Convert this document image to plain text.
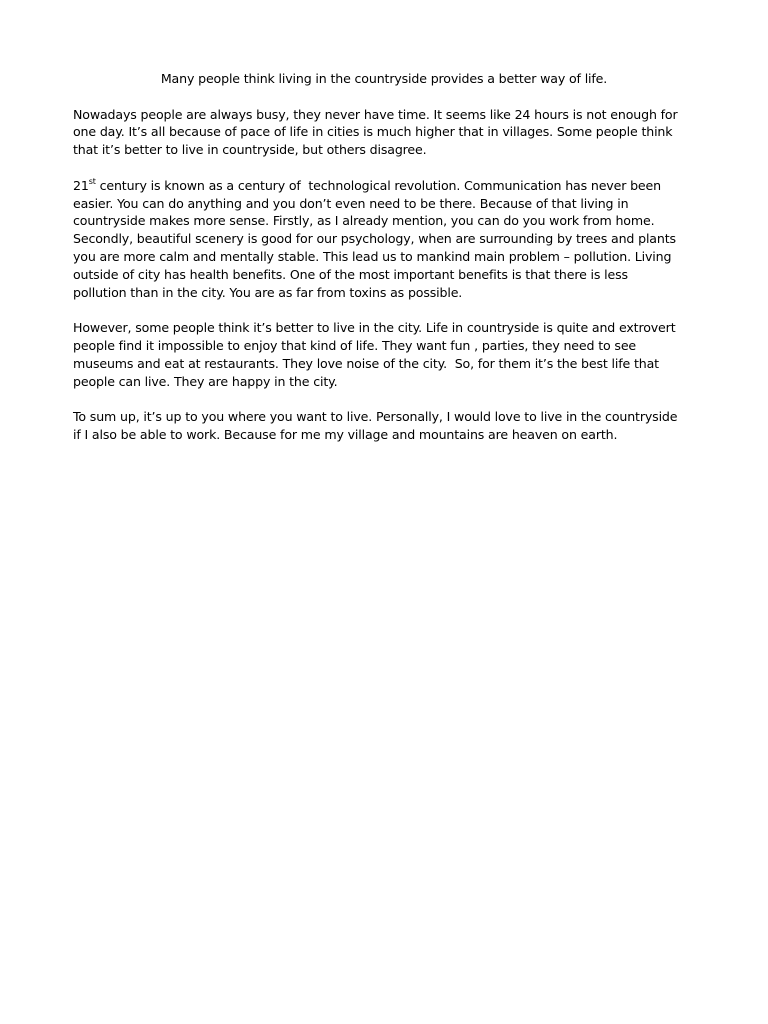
Many people think living in the countryside provides a better way of life.
Nowadays people are always busy, they never have time. It seems like 24 hours is not enough for
one day. It’s all because of pace of life in cities is much higher that in villages. Some people think
that it’s better to live in countryside, but others disagree.
21st century is known as a century of  technological revolution. Communication has never been
easier. You can do anything and you don’t even need to be there. Because of that living in
countryside makes more sense. Firstly, as I already mention, you can do you work from home.
Secondly, beautiful scenery is good for our psychology, when are surrounding by trees and plants
you are more calm and mentally stable. This lead us to mankind main problem – pollution. Living
outside of city has health benefits. One of the most important benefits is that there is less
pollution than in the city. You are as far from toxins as possible.
However, some people think it’s better to live in the city. Life in countryside is quite and extrovert
people find it impossible to enjoy that kind of life. They want fun , parties, they need to see
museums and eat at restaurants. They love noise of the city.  So, for them it’s the best life that
people can live. They are happy in the city.
To sum up, it’s up to you where you want to live. Personally, I would love to live in the countryside
if I also be able to work. Because for me my village and mountains are heaven on earth.
